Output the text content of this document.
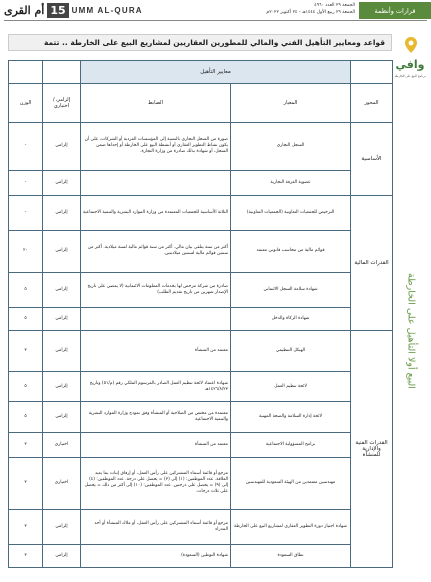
قرارات وأنظمة
الجمعة ٢٩ العدد ٤٩٦٠
الجمعة ٢٩ ربيع الأول ١٤٤٤هـ - ٢٤ أكتوبر ٢٠٢٢م
أم القرى 15 UMM AL-QURA
وافي
برنامج البيع على الخارطة
البيع أولا التأهيل على الخارطة
قواعد ومعايير التأهيل الفني والمالي للمطورين العقاريين لمشاريع البيع على الخارطة .. تتمة
	معايير التأهيل			
المحور	المعيار	الضابط	إلزامي / اختياري	الوزن
الأساسية	السجل التجاري	صورة من السجل التجاري بالنسبة إلى المؤسسات الفردية أو الشركات، على أن يكون نشاط التطوير العقاري أو أنشطة البيع على الخارطة أو إحداها ضمن السجل، أو شهادة بذلك صادرة من وزارة التجارة.	إلزامي	-
	عضوية الغرفة التجارية		إلزامي	-
القدرات المالية	الترخيص للجمعيات التعاونية (الجمعيات التعاونية)	الثلاثة الأساسية للجمعيات المعتمدة من وزارة الموارد البشرية والتنمية الاجتماعية	إلزامي	-
	قوائم مالية من محاسب قانوني معتمد	أكثر من سنة يتلقى بيان مالي. أكثر من سنة قوائم مالية لسنة ميلادية. أكثر من سنتين قوائم مالية لسنتين ميلاديتين.	إلزامي	٢٠
	شهادة سلامة السجل الائتماني	صادرة من شركة مرخص لها بخدمات المعلومات الائتمانية (لا يمضي على تاريخ الإصدار شهرين من تاريخ تقديم الطلب)	إلزامي	٥
	شهادة الزكاة والدخل		إلزامي	٥
القدرات الفنية والإدارية للمنشأة	الهيكل التنظيمي	معتمد من المنشأة	إلزامي	٣
	لائحة تنظيم العمل	شهادة اعتماد لائحة تنظيم العمل الصادر بالمرسوم الملكي رقم (م/٥١) وتاريخ ١٤٢٦/٨/٢٣هـ	إلزامي	٥
	لائحة إدارة السلامة والصحة المهنية	معتمدة من مختص من الصلاحية أو المنشأة وفق نموذج وزارة الموارد البشرية والتنمية الاجتماعية	إلزامي	٥
	برامج المسؤولية الاجتماعية	معتمد من المنشأة	اختياري	٣
	مهندسين معتمدين من الهيئة السعودية للمهندسين	مرجع أو قائمة أسماء المشتركين على رأس العمل، أو إرفاق إثبات بما يعيد العلاقة. عدد الموظفين: (١) إلى (٣) = يحصل على درجة. عدد الموظفين: (٤) إلى (٩) = يحصل على درجتين. عدد الموظفين: (١٠) إلى أكثر من ذلك = يحصل على ثلاث درجات.	اختياري	٣
	شهادة اجتياز دورة التطوير العقاري لمشاريع البيع على الخارطة	مرجع أو قائمة أسماء المشتركين على رأس العمل، أو ملاك المنشأة أو أحد المدراء	إلزامي	٣
	نطاق السعودة	شهادة التوطين (السعودة)	إلزامي	٣
